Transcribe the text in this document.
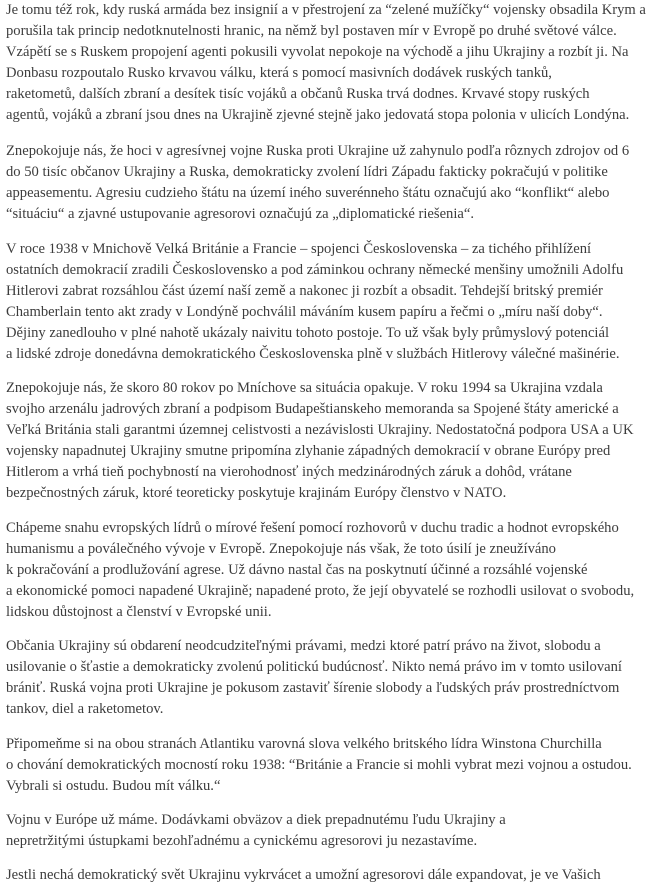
Je tomu též rok, kdy ruská armáda bez insignií a v přestrojení za “zelené mužíčky“ vojensky obsadila Krym a
porušila tak princip nedotknutelnosti hranic, na němž byl postaven mír v Evropě po druhé světové válce.
Vzápětí se s Ruskem propojení agenti pokusili vyvolat nepokoje na východě a jihu Ukrajiny a rozbít ji. Na
Donbasu rozpoutalo Rusko krvavou válku, která s pomocí masivních dodávek ruských tanků,
raketometů, dalších zbraní a desítek tisíc vojáků a občanů Ruska trvá dodnes. Krvavé stopy ruských
agentů, vojáků a zbraní jsou dnes na Ukrajině zjevné stejně jako jedovatá stopa polonia v ulicích Londýna.
Znepokojuje nás, že hoci v agresívnej vojne Ruska proti Ukrajine už zahynulo podľa rôznych zdrojov od 6
do 50 tisíc občanov Ukrajiny a Ruska, demokraticky zvolení lídri Západu fakticky pokračujú v politike
appeasementu. Agresiu cudzieho štátu na území iného suverénneho štátu označujú ako “konflikt“ alebo
“situáciu“ a zjavné ustupovanie agresorovi označujú za „diplomatické riešenia“.
V roce 1938 v Mnichově Velká Británie a Francie – spojenci Československa – za tichého přihlížení
ostatních demokracií zradili Československo a pod záminkou ochrany německé menšiny umožnili Adolfu
Hitlerovi zabrat rozsáhlou část území naší země a nakonec ji rozbít a obsadit. Tehdejší britský premiér
Chamberlain tento akt zrady v Londýně pochválil máváním kusem papíru a řečmi o „míru naší doby“.
Dějiny zanedlouho v plné nahotě ukázaly naivitu tohoto postoje. To už však byly průmyslový potenciál
a lidské zdroje donedávna demokratického Československa plně v službách Hitlerovy válečné mašinérie.
Znepokojuje nás, že skoro 80 rokov po Mníchove sa situácia opakuje. V roku 1994 sa Ukrajina vzdala
svojho arzenálu jadrových zbraní a podpisom Budapeštianskeho memoranda sa Spojené štáty americké a
Veľká Británia stali garantmi územnej celistvosti a nezávislosti Ukrajiny. Nedostatočná podpora USA a UK
vojensky napadnutej Ukrajiny smutne pripomína zlyhanie západných demokracií v obrane Európy pred
Hitlerom a vrhá tieň pochybností na vierohodnosť iných medzinárodných záruk a dohôd, vrátane
bezpečnostných záruk, ktoré teoreticky poskytuje krajinám Európy členstvo v NATO.
Chápeme snahu evropských lídrů o mírové řešení pomocí rozhovorů v duchu tradic a hodnot evropského
humanismu a poválečného vývoje v Evropě. Znepokojuje nás však, že toto úsilí je zneužíváno
k pokračování a prodlužování agrese. Už dávno nastal čas na poskytnutí účinné a rozsáhlé vojenské
a ekonomické pomoci napadené Ukrajině; napadené proto, že její obyvatelé se rozhodli usilovat o svobodu,
lidskou důstojnost a členství v Evropské unii.
Občania Ukrajiny sú obdarení neodcudziteľnými právami, medzi ktoré patrí právo na život, slobodu a
usilovanie o šťastie a demokraticky zvolenú politickú budúcnosť. Nikto nemá právo im v tomto usilovaní
brániť. Ruská vojna proti Ukrajine je pokusom zastaviť šírenie slobody a ľudských práv prostredníctvom
tankov, diel a raketometov.
Připomeňme si na obou stranách Atlantiku varovná slova velkého britského lídra Winstona Churchilla
o chování demokratických mocností roku 1938: “Británie a Francie si mohli vybrat mezi vojnou a ostudou.
Vybrali si ostudu. Budou mít válku.“
Vojnu v Európe už máme. Dodávkami obväzov a diek prepadnutému ľudu Ukrajiny a
nepretržitými ústupkami bezohľadnému a cynickému agresorovi ju nezastavíme.
Jestli nechá demokratický svět Ukrajinu vykrvácet a umožní agresorovi dále expandovat, je ve Vašich
